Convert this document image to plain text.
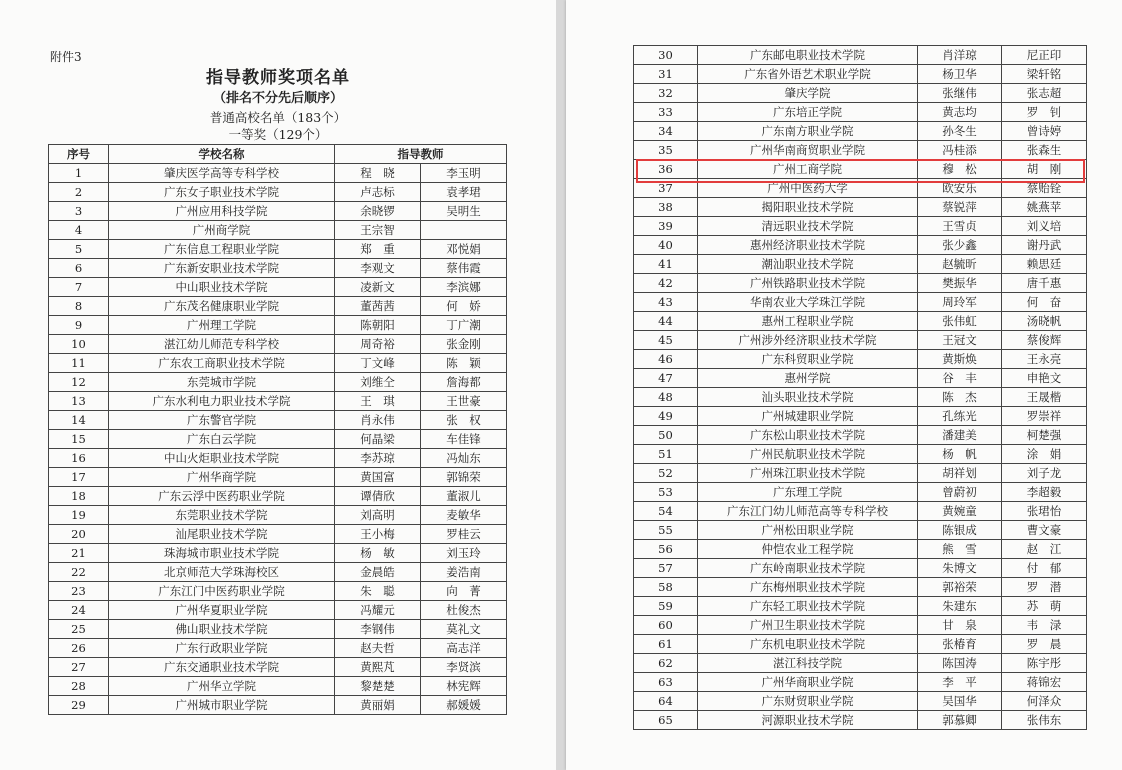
附件3
指导教师奖项名单
（排名不分先后顺序）
普通高校名单（183个）
一等奖（129个）
序号	学校名称	指导教师	
1	肇庆医学高等专科学校	程　晓	李玉明
2	广东女子职业技术学院	卢志标	袁孝珺
3	广州应用科技学院	余晓锣	吴明生
4	广州商学院	王宗智	
5	广东信息工程职业学院	郑　重	邓悦娟
6	广东新安职业技术学院	李观文	蔡伟霞
7	中山职业技术学院	凌新文	李滨娜
8	广东茂名健康职业学院	董茜茜	何　娇
9	广州理工学院	陈朝阳	丁广潮
10	湛江幼儿师范专科学校	周奇裕	张金刚
11	广东农工商职业技术学院	丁文峰	陈　颖
12	东莞城市学院	刘维仝	詹海都
13	广东水利电力职业技术学院	王　琪	王世豪
14	广东警官学院	肖永伟	张　权
15	广东白云学院	何晶梁	车佳锋
16	中山火炬职业技术学院	李苏琼	冯灿东
17	广州华商学院	黄国富	郭锦荣
18	广东云浮中医药职业学院	谭倩欣	董淑儿
19	东莞职业技术学院	刘高明	麦敏华
20	汕尾职业技术学院	王小梅	罗桂云
21	珠海城市职业技术学院	杨　敏	刘玉玲
22	北京师范大学珠海校区	金晨皓	姜浩南
23	广东江门中医药职业学院	朱　聪	向　菁
24	广州华夏职业学院	冯耀元	杜俊杰
25	佛山职业技术学院	李钢伟	莫礼文
26	广东行政职业学院	赵夫哲	高志洋
27	广东交通职业技术学院	黄熙芃	李贤滨
28	广州华立学院	黎楚楚	林宪辉
29	广州城市职业学院	黄丽娟	郝媛媛
30	广东邮电职业技术学院	肖洋琼	尼正印
31	广东省外语艺术职业学院	杨卫华	梁轩铭
32	肇庆学院	张继伟	张志超
33	广东培正学院	黄志均	罗　钊
34	广东南方职业学院	孙冬生	曾诗婷
35	广州华南商贸职业学院	冯桂添	张森生
36	广州工商学院	穆　松	胡　刚
37	广州中医药大学	欧安乐	蔡贻铨
38	揭阳职业技术学院	蔡锐萍	姚燕苹
39	清远职业技术学院	王雪贞	刘义培
40	惠州经济职业技术学院	张少鑫	谢丹武
41	潮汕职业技术学院	赵毓昕	赖思廷
42	广州铁路职业技术学院	樊振华	唐千惠
43	华南农业大学珠江学院	周玲军	何　奋
44	惠州工程职业学院	张伟虹	汤晓帆
45	广州涉外经济职业技术学院	王冠文	蔡俊辉
46	广东科贸职业学院	黄斯焕	王永亮
47	惠州学院	谷　丰	申艳文
48	汕头职业技术学院	陈　杰	王晟楷
49	广州城建职业学院	孔练光	罗崇祥
50	广东松山职业技术学院	潘建美	柯楚强
51	广州民航职业技术学院	杨　帆	涂　娟
52	广州珠江职业技术学院	胡祥划	刘子龙
53	广东理工学院	曾蔚初	李超毅
54	广东江门幼儿师范高等专科学校	黄婉童	张珺怡
55	广州松田职业学院	陈银成	曹文豪
56	仲恺农业工程学院	熊　雪	赵　江
57	广东岭南职业技术学院	朱博文	付　郁
58	广东梅州职业技术学院	郭裕荣	罗　潜
59	广东轻工职业技术学院	朱建东	苏　萌
60	广州卫生职业技术学院	甘　泉	韦　渌
61	广东机电职业技术学院	张椿育	罗　晨
62	湛江科技学院	陈国涛	陈宇彤
63	广州华商职业学院	李　平	蒋锦宏
64	广东财贸职业学院	吴国华	何泽众
65	河源职业技术学院	郭慕卿	张伟东
